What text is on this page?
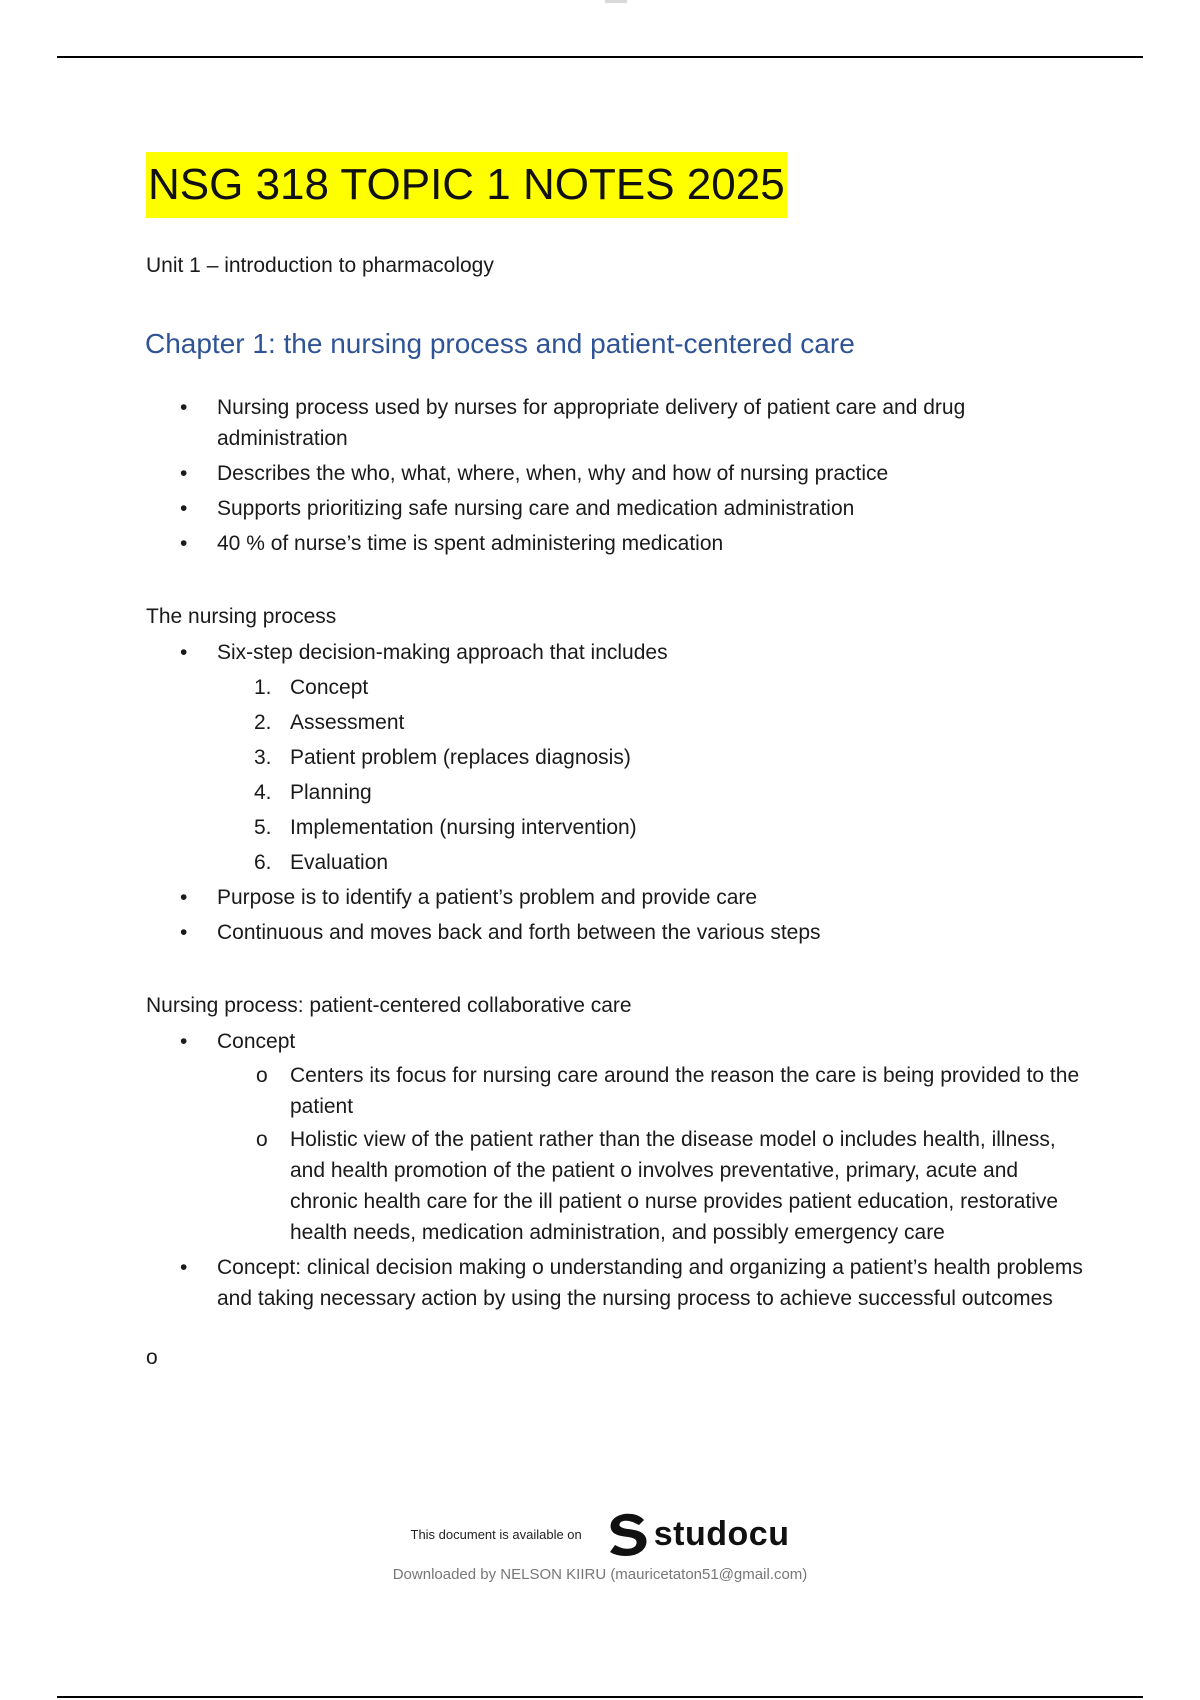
NSG 318 TOPIC 1 NOTES 2025

Unit 1 – introduction to pharmacology

Chapter 1: the nursing process and patient-centered care
• Nursing process used by nurses for appropriate delivery of patient care and drug administration
• Describes the who, what, where, when, why and how of nursing practice
• Supports prioritizing safe nursing care and medication administration
• 40 % of nurse’s time is spent administering medication
The nursing process
• Six-step decision-making approach that includes
1. Concept
2. Assessment
3. Patient problem (replaces diagnosis)
4. Planning
5. Implementation (nursing intervention)
6. Evaluation
• Purpose is to identify a patient’s problem and provide care
• Continuous and moves back and forth between the various steps
Nursing process: patient-centered collaborative care
• Concept
o Centers its focus for nursing care around the reason the care is being provided to the patient
o Holistic view of the patient rather than the disease model o includes health, illness, and health promotion of the patient o involves preventative, primary, acute and chronic health care for the ill patient o nurse provides patient education, restorative health needs, medication administration, and possibly emergency care
• Concept: clinical decision making o understanding and organizing a patient’s health problems and taking necessary action by using the nursing process to achieve successful outcomes
o
This document is available on studocu
Downloaded by NELSON KIIRU (mauricetaton51@gmail.com)
